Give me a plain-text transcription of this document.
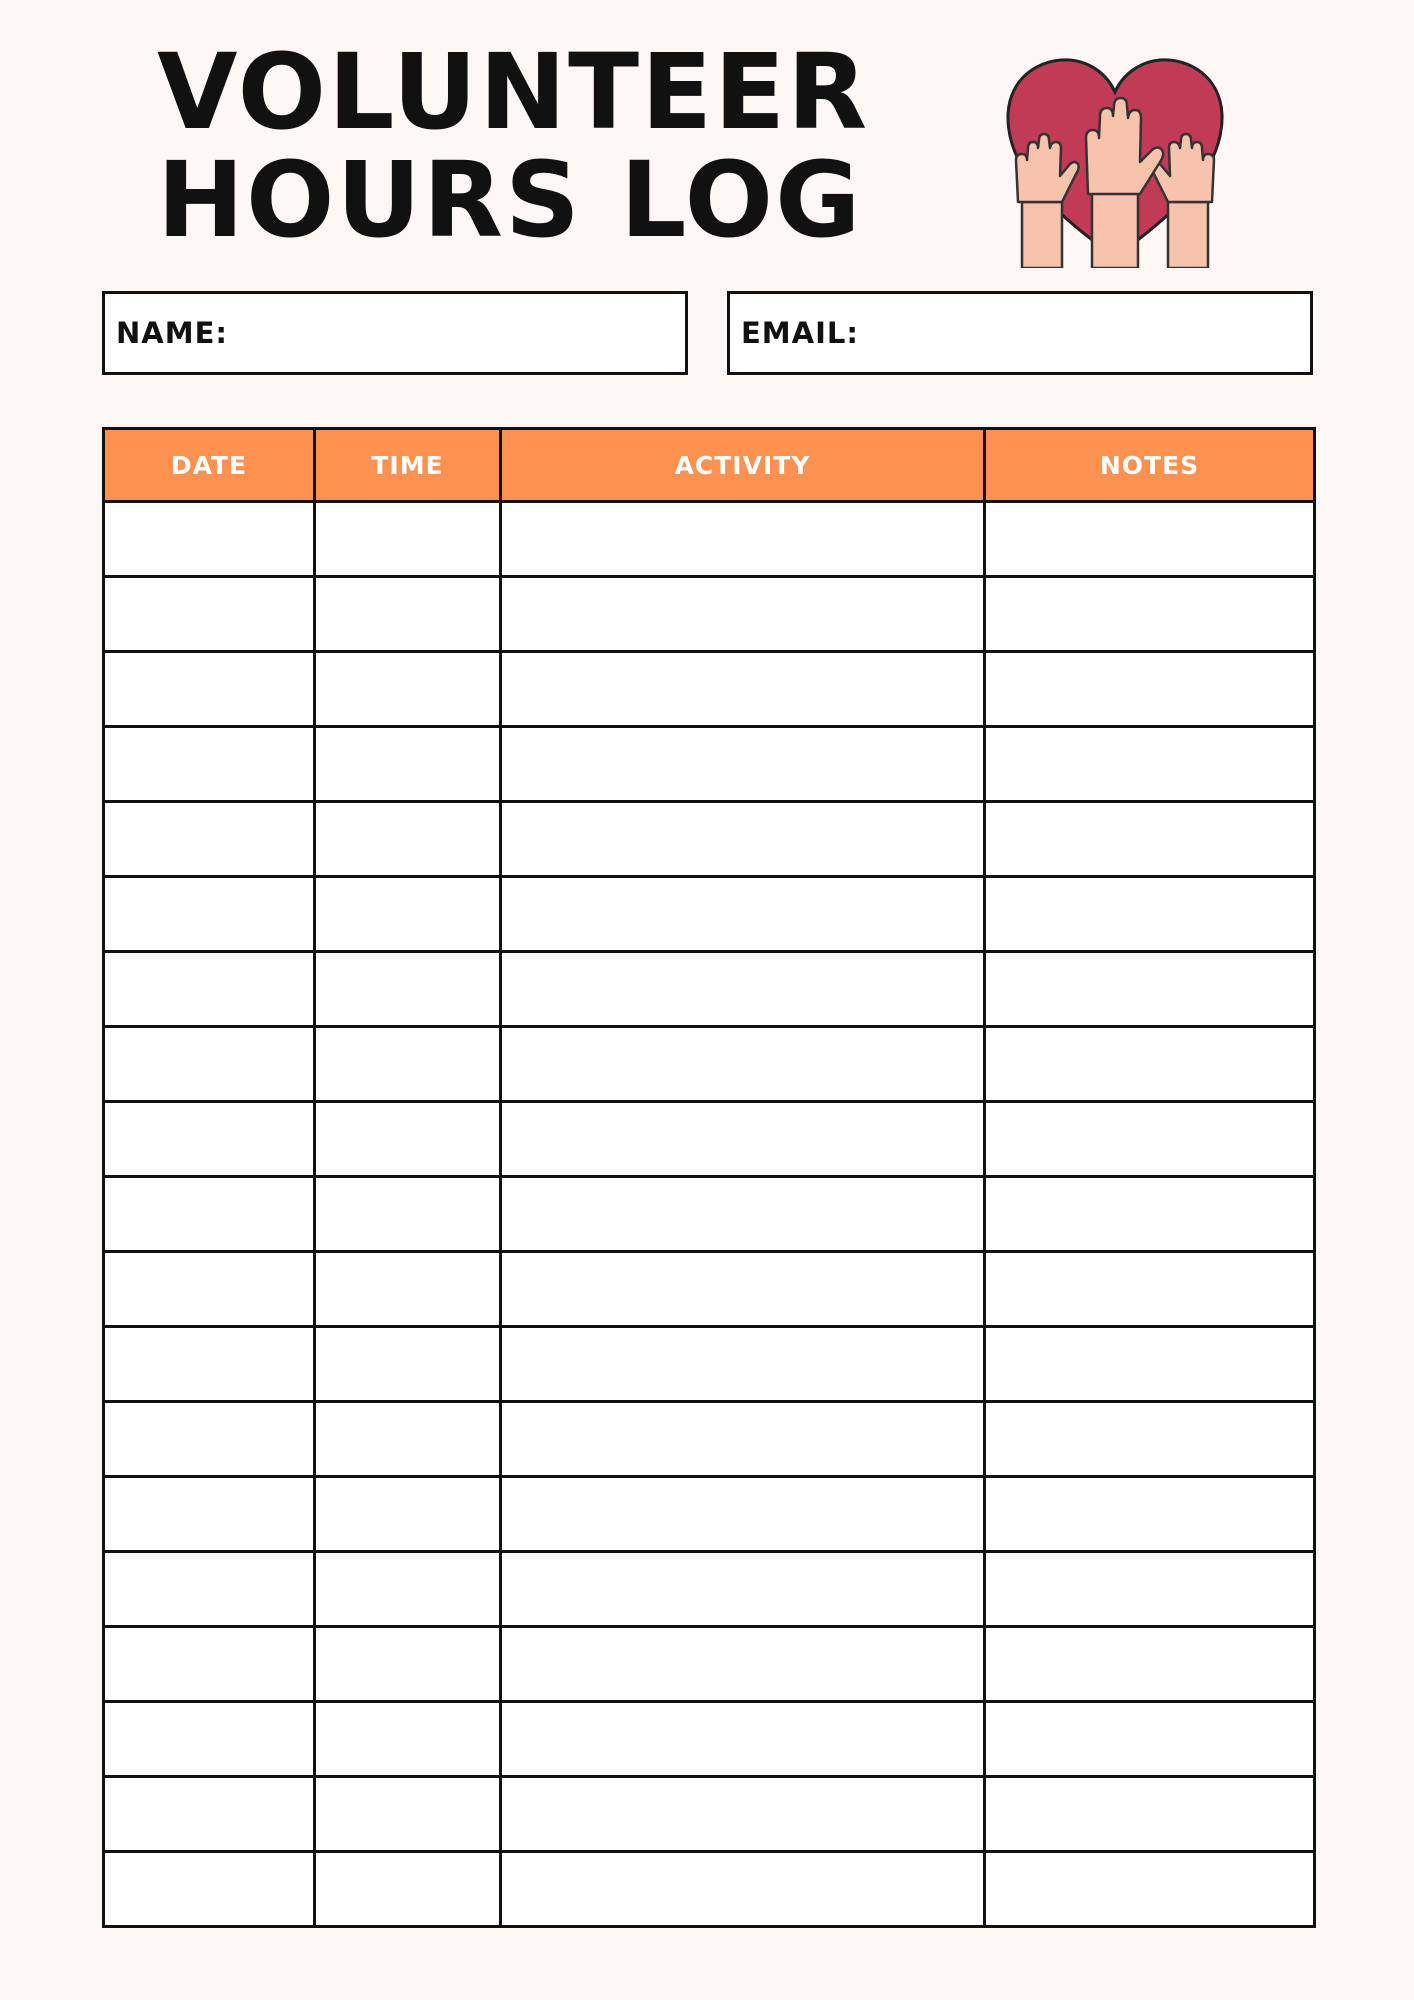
VOLUNTEER
HOURS LOG
NAME:	EMAIL:
DATE	TIME	ACTIVITY	NOTES
